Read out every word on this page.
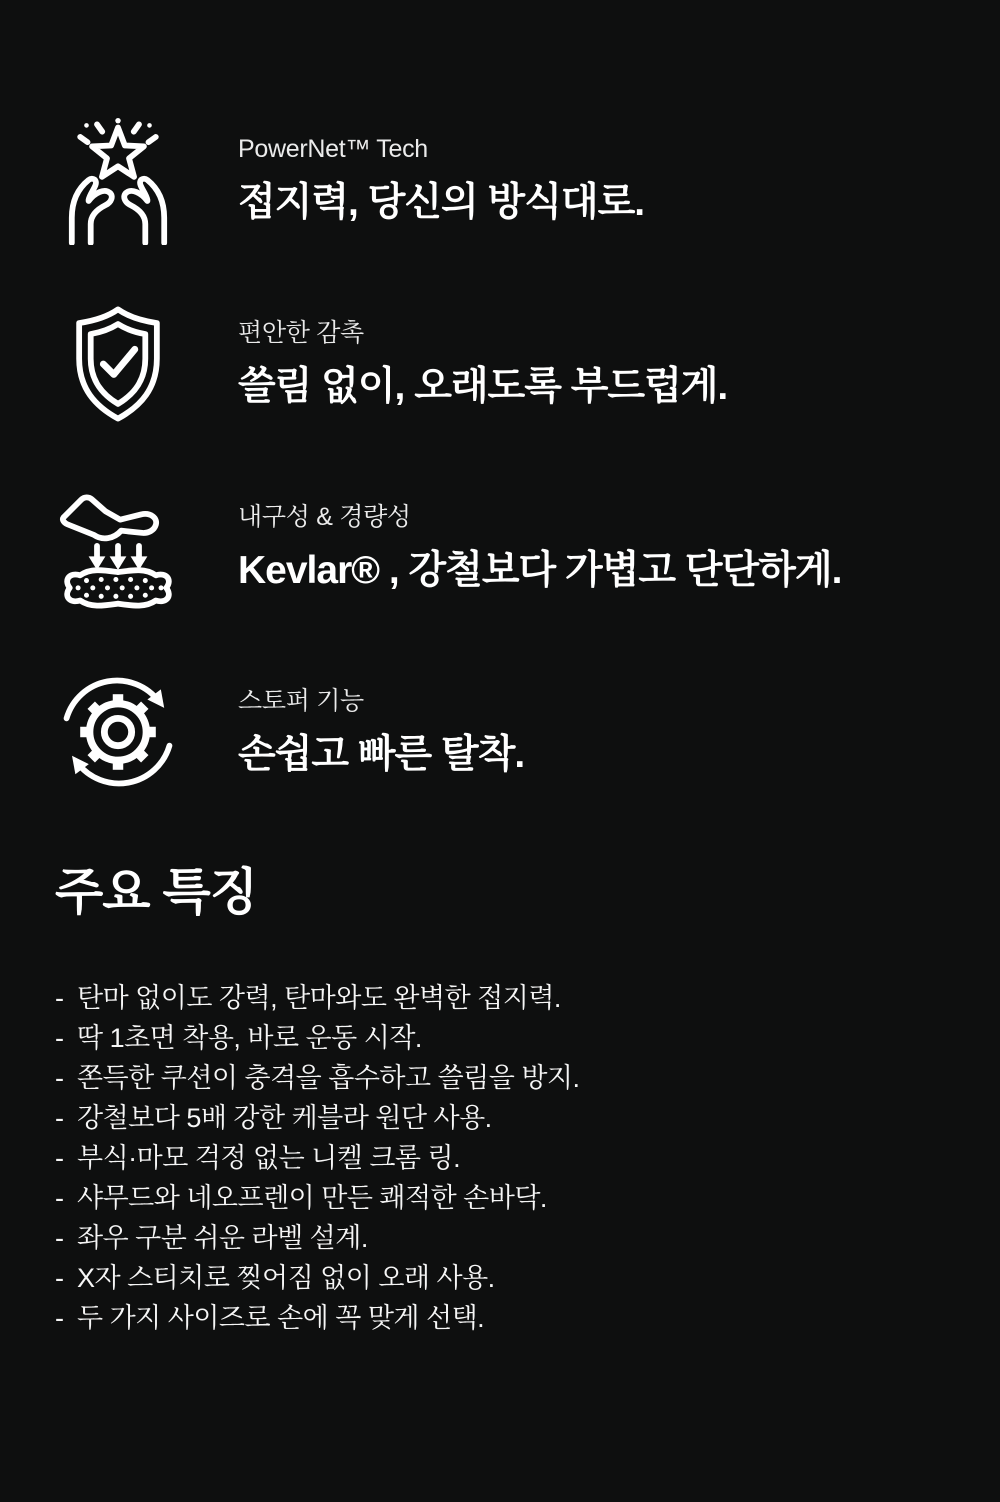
PowerNet™ Tech
접지력, 당신의 방식대로.
편안한 감촉
쓸림 없이, 오래도록 부드럽게.
내구성 & 경량성
Kevlar® , 강철보다 가볍고 단단하게.
스토퍼 기능
손쉽고 빠른 탈착.
주요 특징
- 탄마 없이도 강력, 탄마와도 완벽한 접지력.
- 딱 1초면 착용, 바로 운동 시작.
- 쫀득한 쿠션이 충격을 흡수하고 쓸림을 방지.
- 강철보다 5배 강한 케블라 원단 사용.
- 부식·마모 걱정 없는 니켈 크롬 링.
- 샤무드와 네오프렌이 만든 쾌적한 손바닥.
- 좌우 구분 쉬운 라벨 설계.
- X자 스티치로 찢어짐 없이 오래 사용.
- 두 가지 사이즈로 손에 꼭 맞게 선택.
